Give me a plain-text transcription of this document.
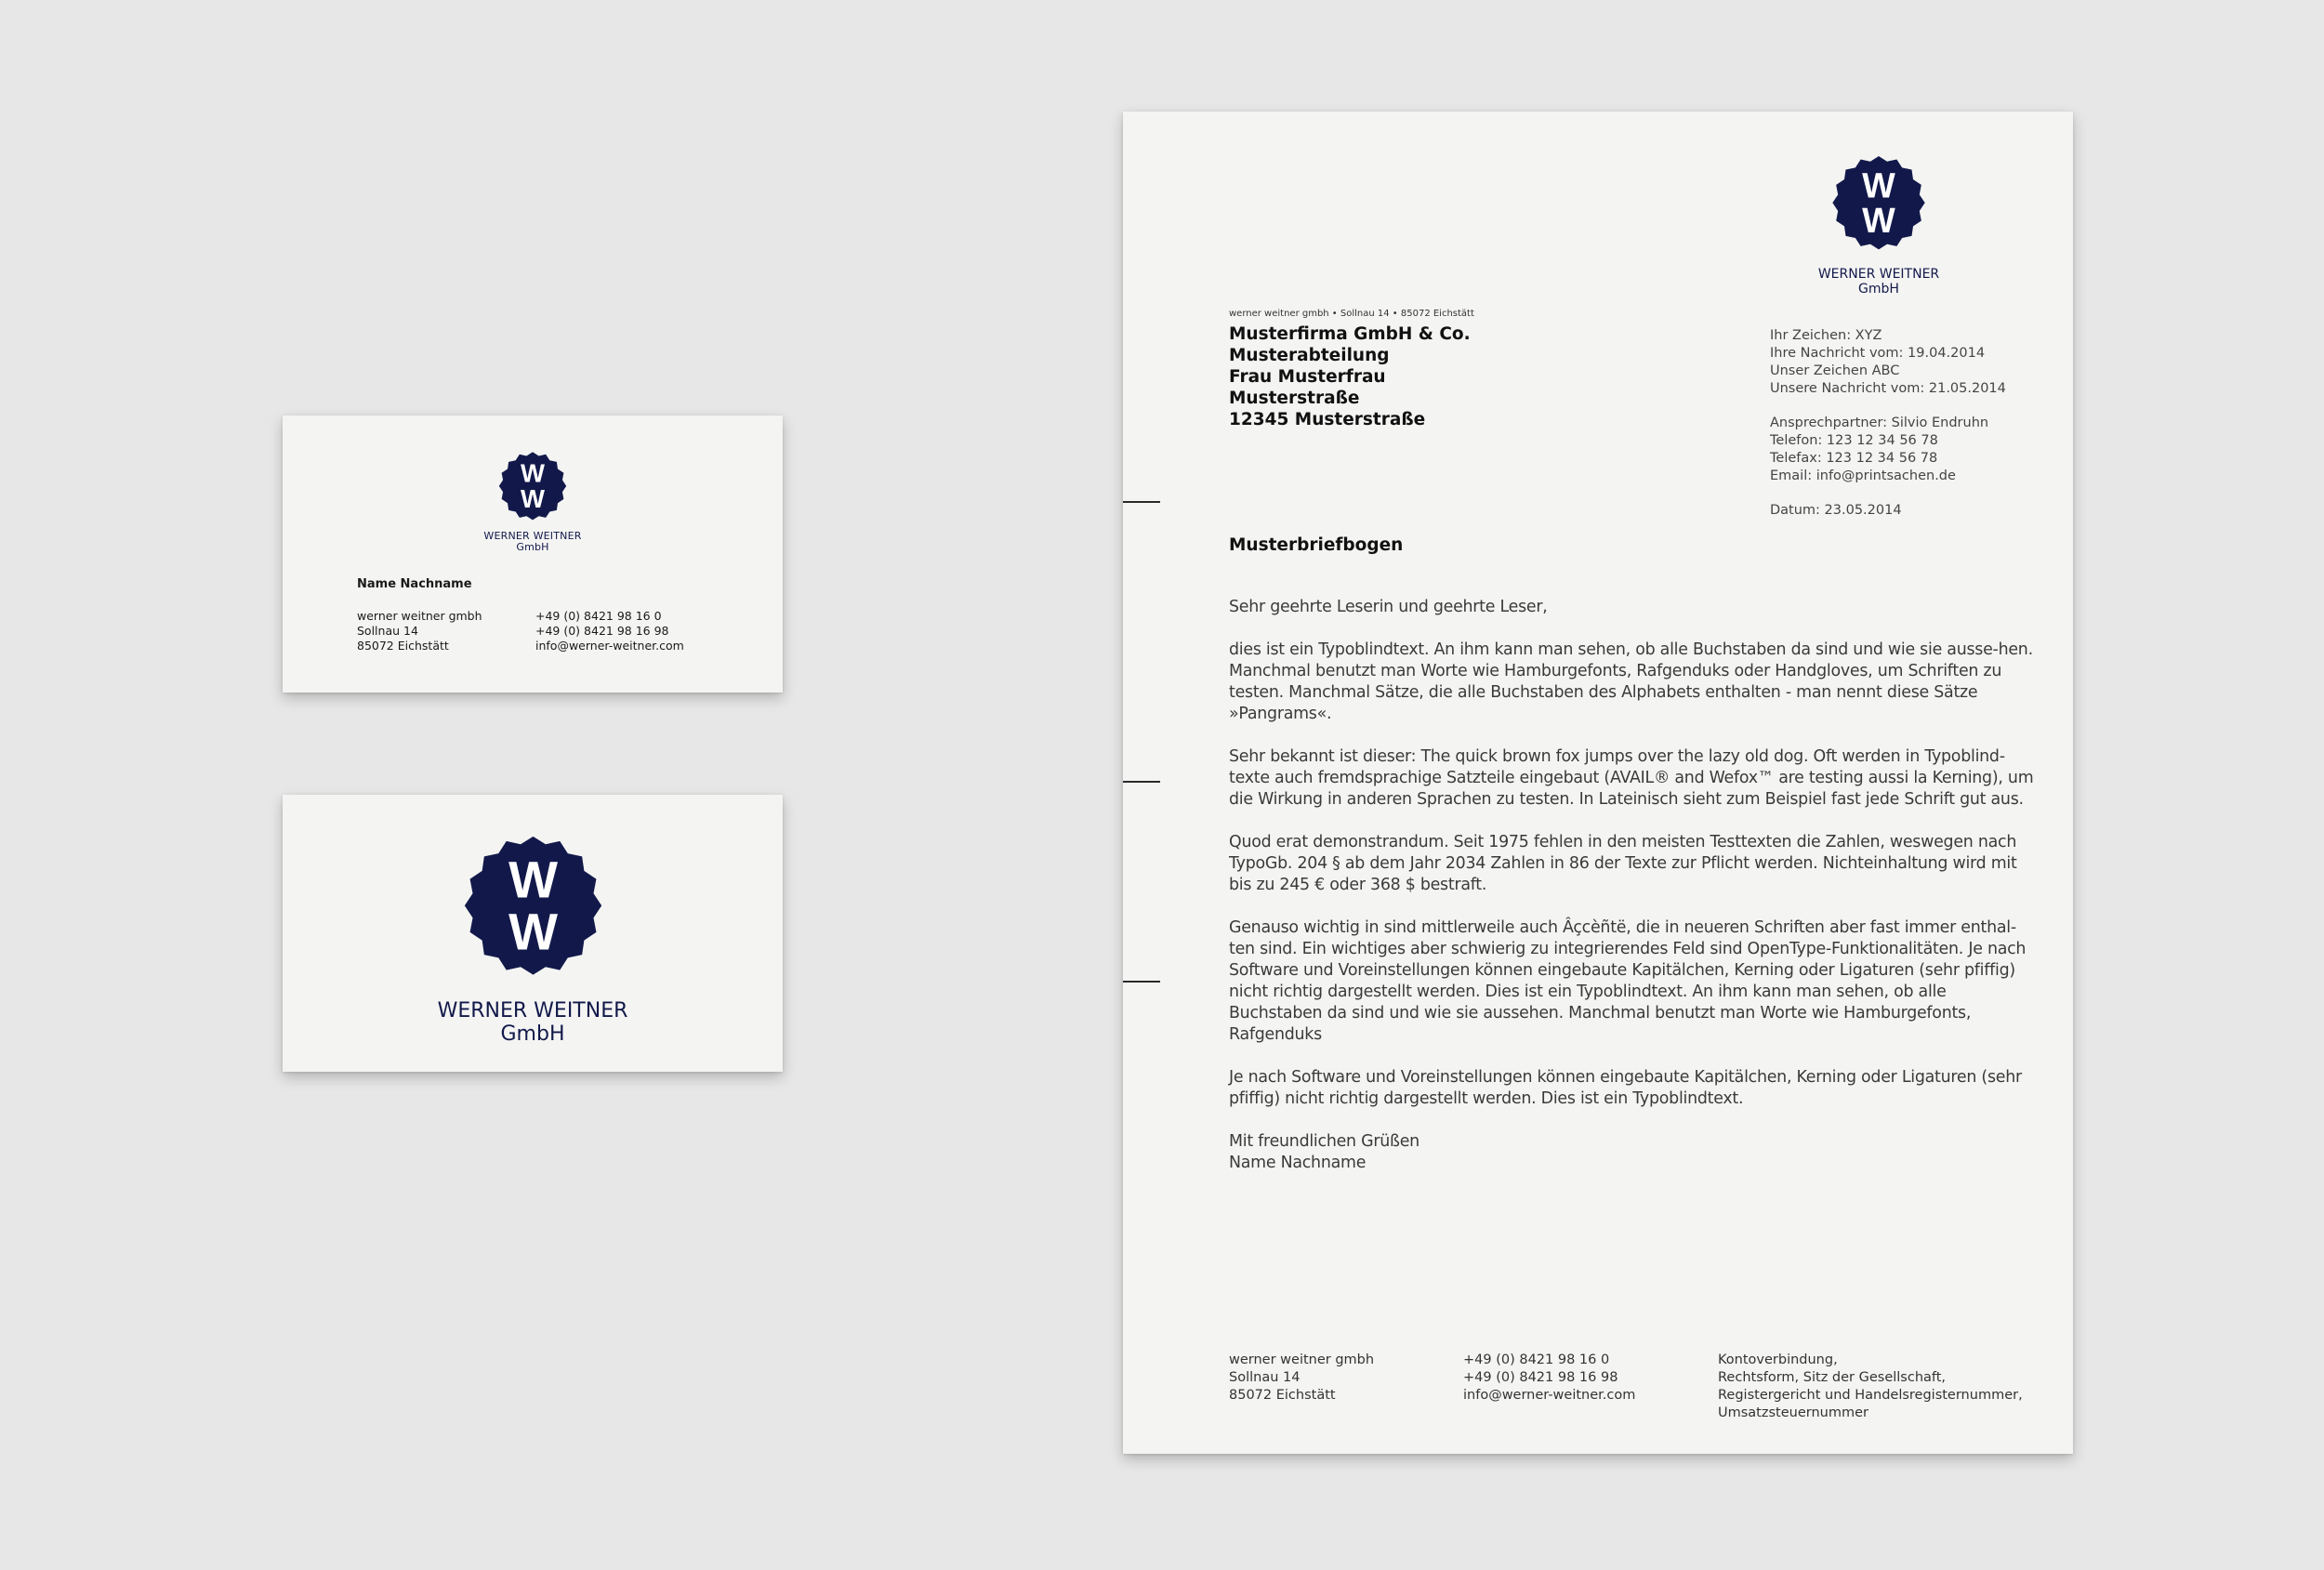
W
W
WERNER WEITNER
GmbH
Name Nachname
werner weitner gmbh
Sollnau 14
85072 Eichstätt
+49 (0) 8421 98 16 0
+49 (0) 8421 98 16 98
info@werner-weitner.com
W
W
WERNER WEITNER
GmbH
W
W
WERNER WEITNER
GmbH
werner weitner gmbh • Sollnau 14 • 85072 Eichstätt
Musterfirma GmbH & Co.
Musterabteilung
Frau Musterfrau
Musterstraße
12345 Musterstraße
Ihr Zeichen: XYZ
Ihre Nachricht vom: 19.04.2014
Unser Zeichen ABC
Unsere Nachricht vom: 21.05.2014
Ansprechpartner: Silvio Endruhn
Telefon: 123 12 34 56 78
Telefax: 123 12 34 56 78
Email: info@printsachen.de
Datum: 23.05.2014
Musterbriefbogen

Sehr geehrte Leserin und geehrte Leser,

dies ist ein Typoblindtext. An ihm kann man sehen, ob alle Buchstaben da sind und wie sie ausse-hen. Manchmal benutzt man Worte wie Hamburgefonts, Rafgenduks oder Handgloves, um Schriften zu testen. Manchmal Sätze, die alle Buchstaben des Alphabets enthalten - man nennt diese Sätze »Pangrams«.

Sehr bekannt ist dieser: The quick brown fox jumps over the lazy old dog. Oft werden in Typoblind-texte auch fremdsprachige Satzteile eingebaut (AVAIL® and Wefox™ are testing aussi la Kerning), um die Wirkung in anderen Sprachen zu testen. In Lateinisch sieht zum Beispiel fast jede Schrift gut aus.

Quod erat demonstrandum. Seit 1975 fehlen in den meisten Testtexten die Zahlen, weswegen nach TypoGb. 204 § ab dem Jahr 2034 Zahlen in 86 der Texte zur Pflicht werden. Nichteinhaltung wird mit bis zu 245 € oder 368 $ bestraft.

Genauso wichtig in sind mittlerweile auch Âçcèñtë, die in neueren Schriften aber fast immer enthal-ten sind. Ein wichtiges aber schwierig zu integrierendes Feld sind OpenType-Funktionalitäten. Je nach Software und Voreinstellungen können eingebaute Kapitälchen, Kerning oder Ligaturen (sehr pfiffig) nicht richtig dargestellt werden. Dies ist ein Typoblindtext. An ihm kann man sehen, ob alle Buchstaben da sind und wie sie aussehen. Manchmal benutzt man Worte wie Hamburgefonts, Rafgenduks

Je nach Software und Voreinstellungen können eingebaute Kapitälchen, Kerning oder Ligaturen (sehr pfiffig) nicht richtig dargestellt werden. Dies ist ein Typoblindtext.

Mit freundlichen Grüßen
Name Nachname
werner weitner gmbh
Sollnau 14
85072 Eichstätt
+49 (0) 8421 98 16 0
+49 (0) 8421 98 16 98
info@werner-weitner.com
Kontoverbindung,
Rechtsform, Sitz der Gesellschaft,
Registergericht und Handelsregisternummer,
Umsatzsteuernummer
